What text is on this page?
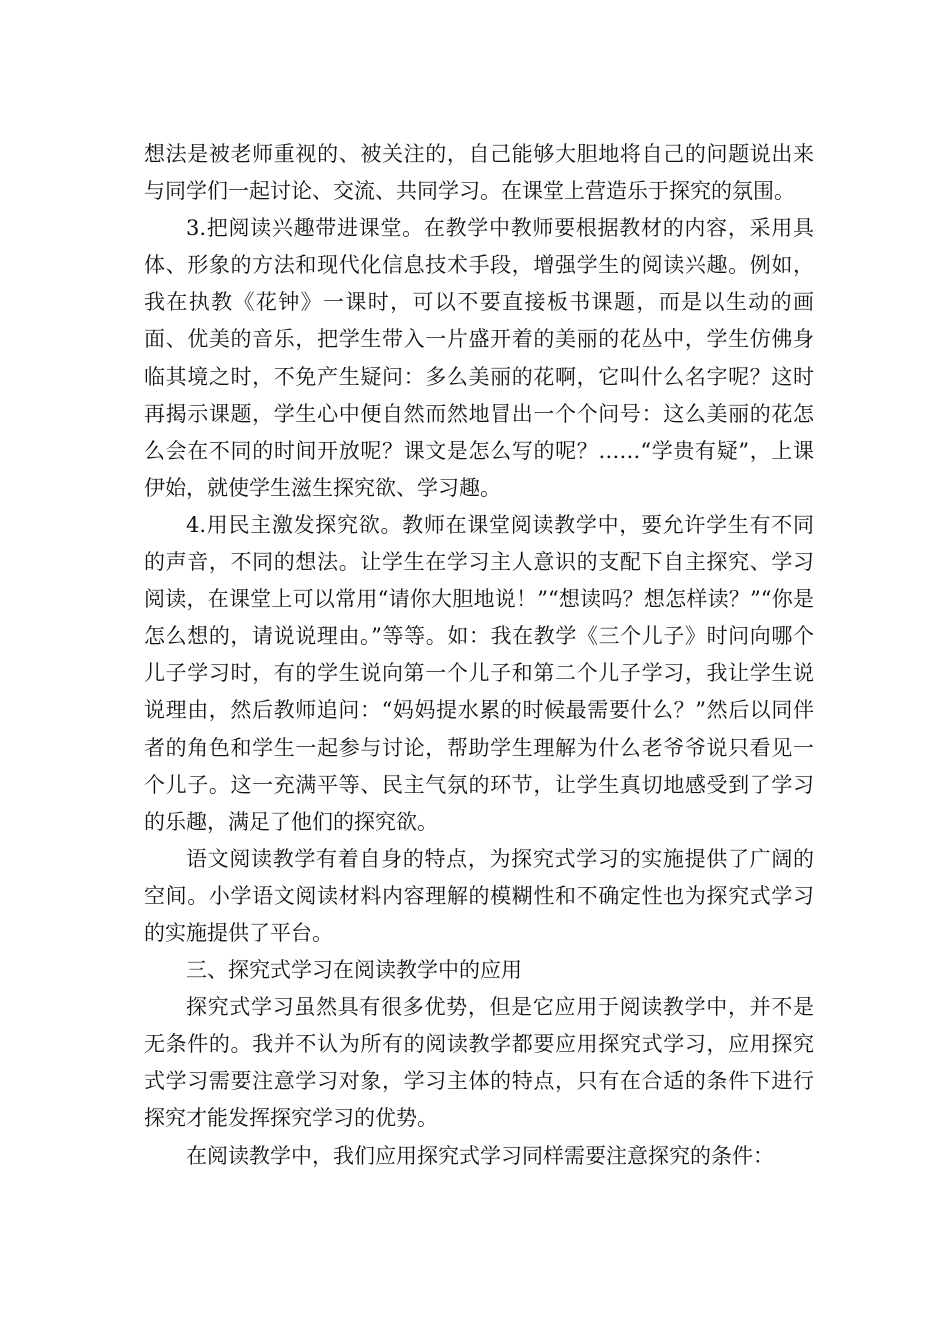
想法是被老师重视的、被关注的，自己能够大胆地将自己的问题说出来与同学们一起讨论、交流、共同学习。在课堂上营造乐于探究的氛围。

3.把阅读兴趣带进课堂。在教学中教师要根据教材的内容，采用具体、形象的方法和现代化信息技术手段，增强学生的阅读兴趣。例如，我在执教《花钟》一课时，可以不要直接板书课题，而是以生动的画面、优美的音乐，把学生带入一片盛开着的美丽的花丛中，学生仿佛身临其境之时，不免产生疑问：多么美丽的花啊，它叫什么名字呢？这时再揭示课题，学生心中便自然而然地冒出一个个问号：这么美丽的花怎么会在不同的时间开放呢？课文是怎么写的呢？……“学贵有疑”，上课伊始，就使学生滋生探究欲、学习趣。

4.用民主激发探究欲。教师在课堂阅读教学中，要允许学生有不同的声音，不同的想法。让学生在学习主人意识的支配下自主探究、学习阅读，在课堂上可以常用“请你大胆地说！”“想读吗？想怎样读？”“你是怎么想的，请说说理由。”等等。如：我在教学《三个儿子》时问向哪个儿子学习时，有的学生说向第一个儿子和第二个儿子学习，我让学生说说理由，然后教师追问：“妈妈提水累的时候最需要什么？”然后以同伴者的角色和学生一起参与讨论，帮助学生理解为什么老爷爷说只看见一个儿子。这一充满平等、民主气氛的环节，让学生真切地感受到了学习的乐趣，满足了他们的探究欲。

语文阅读教学有着自身的特点，为探究式学习的实施提供了广阔的空间。小学语文阅读材料内容理解的模糊性和不确定性也为探究式学习的实施提供了平台。

三、探究式学习在阅读教学中的应用

探究式学习虽然具有很多优势，但是它应用于阅读教学中，并不是无条件的。我并不认为所有的阅读教学都要应用探究式学习，应用探究式学习需要注意学习对象，学习主体的特点，只有在合适的条件下进行探究才能发挥探究学习的优势。

在阅读教学中，我们应用探究式学习同样需要注意探究的条件：
